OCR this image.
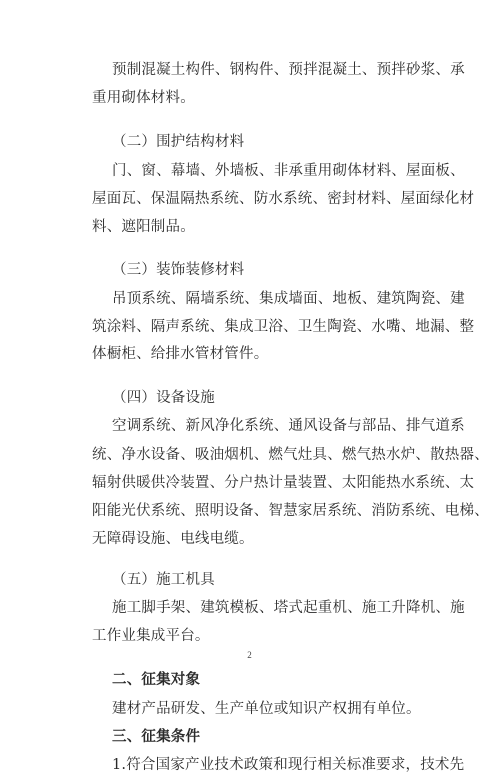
预制混凝土构件、钢构件、预拌混凝土、预拌砂浆、承
重用砌体材料。
（二）围护结构材料
门、窗、幕墙、外墙板、非承重用砌体材料、屋面板、
屋面瓦、保温隔热系统、防水系统、密封材料、屋面绿化材
料、遮阳制品。
（三）装饰装修材料
吊顶系统、隔墙系统、集成墙面、地板、建筑陶瓷、建
筑涂料、隔声系统、集成卫浴、卫生陶瓷、水嘴、地漏、整
体橱柜、给排水管材管件。
（四）设备设施
空调系统、新风净化系统、通风设备与部品、排气道系
统、净水设备、吸油烟机、燃气灶具、燃气热水炉、散热器、
辐射供暖供冷装置、分户热计量装置、太阳能热水系统、太
阳能光伏系统、照明设备、智慧家居系统、消防系统、电梯、
无障碍设施、电线电缆。
（五）施工机具
施工脚手架、建筑模板、塔式起重机、施工升降机、施
工作业集成平台。
二、征集对象
建材产品研发、生产单位或知识产权拥有单位。
三、征集条件
1.符合国家产业技术政策和现行相关标准要求，技术先
2
